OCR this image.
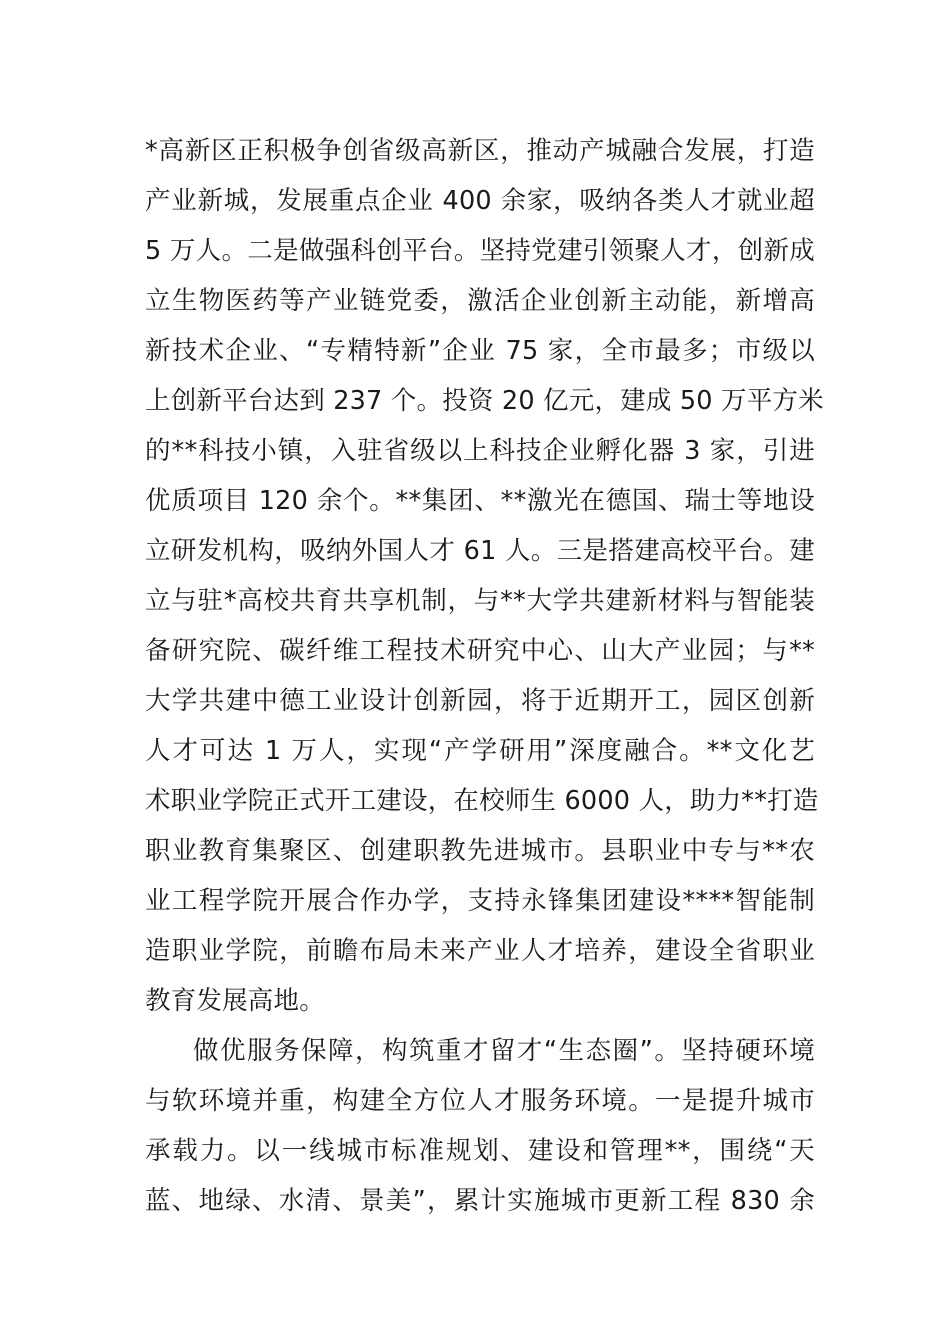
*高新区正积极争创省级高新区，推动产城融合发展，打造
产业新城，发展重点企业 400 余家，吸纳各类人才就业超
5 万人。二是做强科创平台。坚持党建引领聚人才，创新成
立生物医药等产业链党委，激活企业创新主动能，新增高
新技术企业、“专精特新”企业 75 家，全市最多；市级以
上创新平台达到 237 个。投资 20 亿元，建成 50 万平方米
的**科技小镇，入驻省级以上科技企业孵化器 3 家，引进
优质项目 120 余个。**集团、**激光在德国、瑞士等地设
立研发机构，吸纳外国人才 61 人。三是搭建高校平台。建
立与驻*高校共育共享机制，与**大学共建新材料与智能装
备研究院、碳纤维工程技术研究中心、山大产业园；与**
大学共建中德工业设计创新园，将于近期开工，园区创新
人才可达 1 万人，实现“产学研用”深度融合。**文化艺
术职业学院正式开工建设，在校师生 6000 人，助力**打造
职业教育集聚区、创建职教先进城市。县职业中专与**农
业工程学院开展合作办学，支持永锋集团建设****智能制
造职业学院，前瞻布局未来产业人才培养，建设全省职业
教育发展高地。
做优服务保障，构筑重才留才“生态圈”。坚持硬环境
与软环境并重，构建全方位人才服务环境。一是提升城市
承载力。以一线城市标准规划、建设和管理**，围绕“天
蓝、地绿、水清、景美”，累计实施城市更新工程 830 余
